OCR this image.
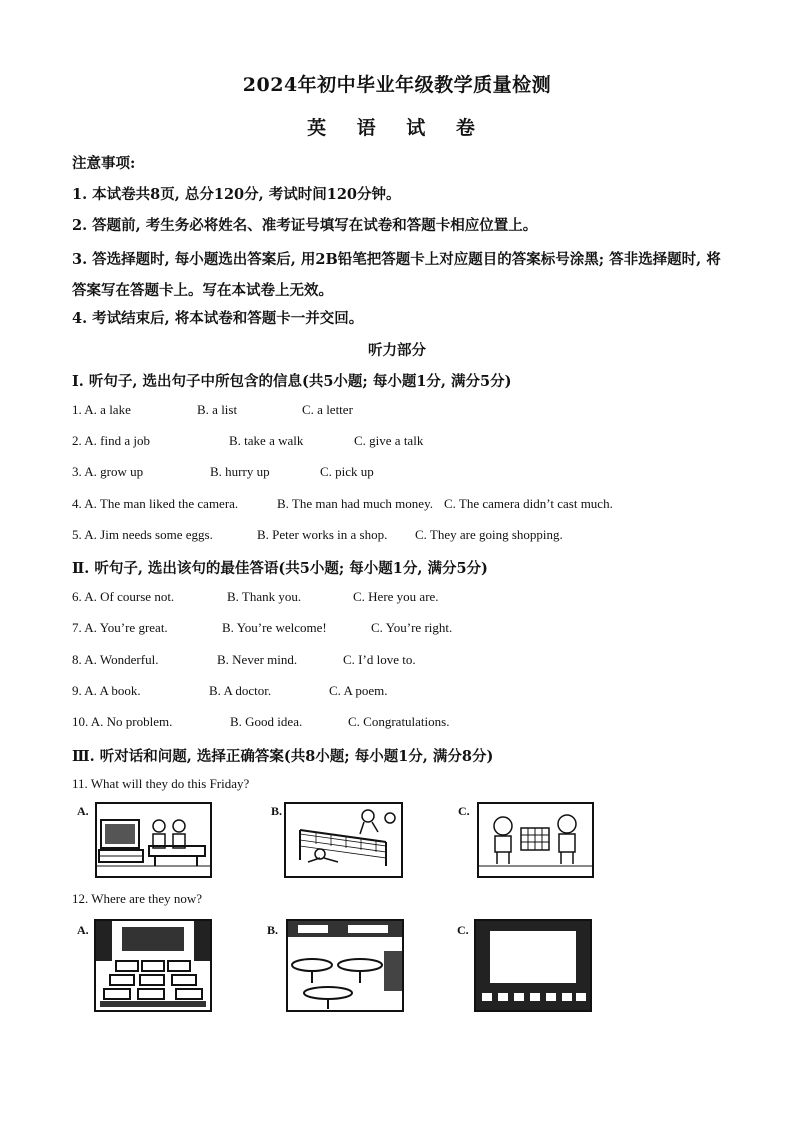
2024年初中毕业年级教学质量检测
英 语 试 卷
注意事项:
1. 本试卷共8页, 总分120分, 考试时间120分钟。
2. 答题前, 考生务必将姓名、准考证号填写在试卷和答题卡相应位置上。
3. 答选择题时, 每小题选出答案后, 用2B铅笔把答题卡上对应题目的答案标号涂黑; 答非选择题时, 将答案写在答题卡上。写在本试卷上无效。
4. 考试结束后, 将本试卷和答题卡一并交回。
听力部分
I. 听句子, 选出句子中所包含的信息(共5小题; 每小题1分, 满分5分)
1. A. a lake	B. a list	C. a letter
2. A. find a job	B. take a walk	C. give a talk
3. A. grow up	B. hurry up	C. pick up
4. A. The man liked the camera.	B. The man had much money. C. The camera didn’t cast much.
5. A. Jim needs some eggs.	B. Peter works in a shop. C. They are going shopping.
Ⅱ. 听句子, 选出该句的最佳答语(共5小题; 每小题1分, 满分5分)
6. A. Of course not.	B. Thank you.	C. Here you are.
7. A. You’re great.	B. You’re welcome!	C. You’re right.
8. A. Wonderful.	B. Never mind.	C. I’d love to.
9. A. A book.	B. A doctor.	C. A poem.
10. A. No problem.	B. Good idea.	C. Congratulations.
Ⅲ. 听对话和问题, 选择正确答案(共8小题; 每小题1分, 满分8分)
11. What will they do this Friday?
A.	B.	C.
12. Where are they now?
A.	B.	C.
